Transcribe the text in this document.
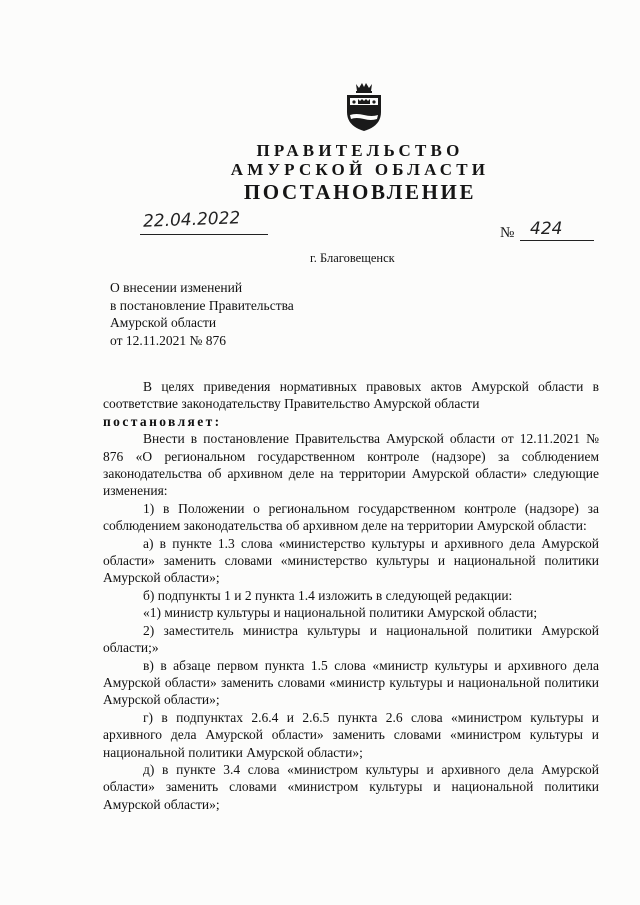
ПРАВИТЕЛЬСТВО
АМУРСКОЙ ОБЛАСТИ
ПОСТАНОВЛЕНИЕ
22.04.2022
№ 424
г. Благовещенск
О внесении изменений
в постановление Правительства
Амурской области
от 12.11.2021 № 876

В целях приведения нормативных правовых актов Амурской области в соответствие законодательству Правительство Амурской области

постановляет:

Внести в постановление Правительства Амурской области от 12.11.2021 № 876 «О региональном государственном контроле (надзоре) за соблюдением законодательства об архивном деле на территории Амурской области» следующие изменения:

1) в Положении о региональном государственном контроле (надзоре) за соблюдением законодательства об архивном деле на территории Амурской области:

а) в пункте 1.3 слова «министерство культуры и архивного дела Амурской области» заменить словами «министерство культуры и национальной политики Амурской области»;

б) подпункты 1 и 2 пункта 1.4 изложить в следующей редакции:

«1) министр культуры и национальной политики Амурской области;

2) заместитель министра культуры и национальной политики Амурской области;»

в) в абзаце первом пункта 1.5 слова «министр культуры и архивного дела Амурской области» заменить словами «министр культуры и национальной политики Амурской области»;

г) в подпунктах 2.6.4 и 2.6.5 пункта 2.6 слова «министром культуры и архивного дела Амурской области» заменить словами «министром культуры и национальной политики Амурской области»;

д) в пункте 3.4 слова «министром культуры и архивного дела Амурской области» заменить словами «министром культуры и национальной политики Амурской области»;
